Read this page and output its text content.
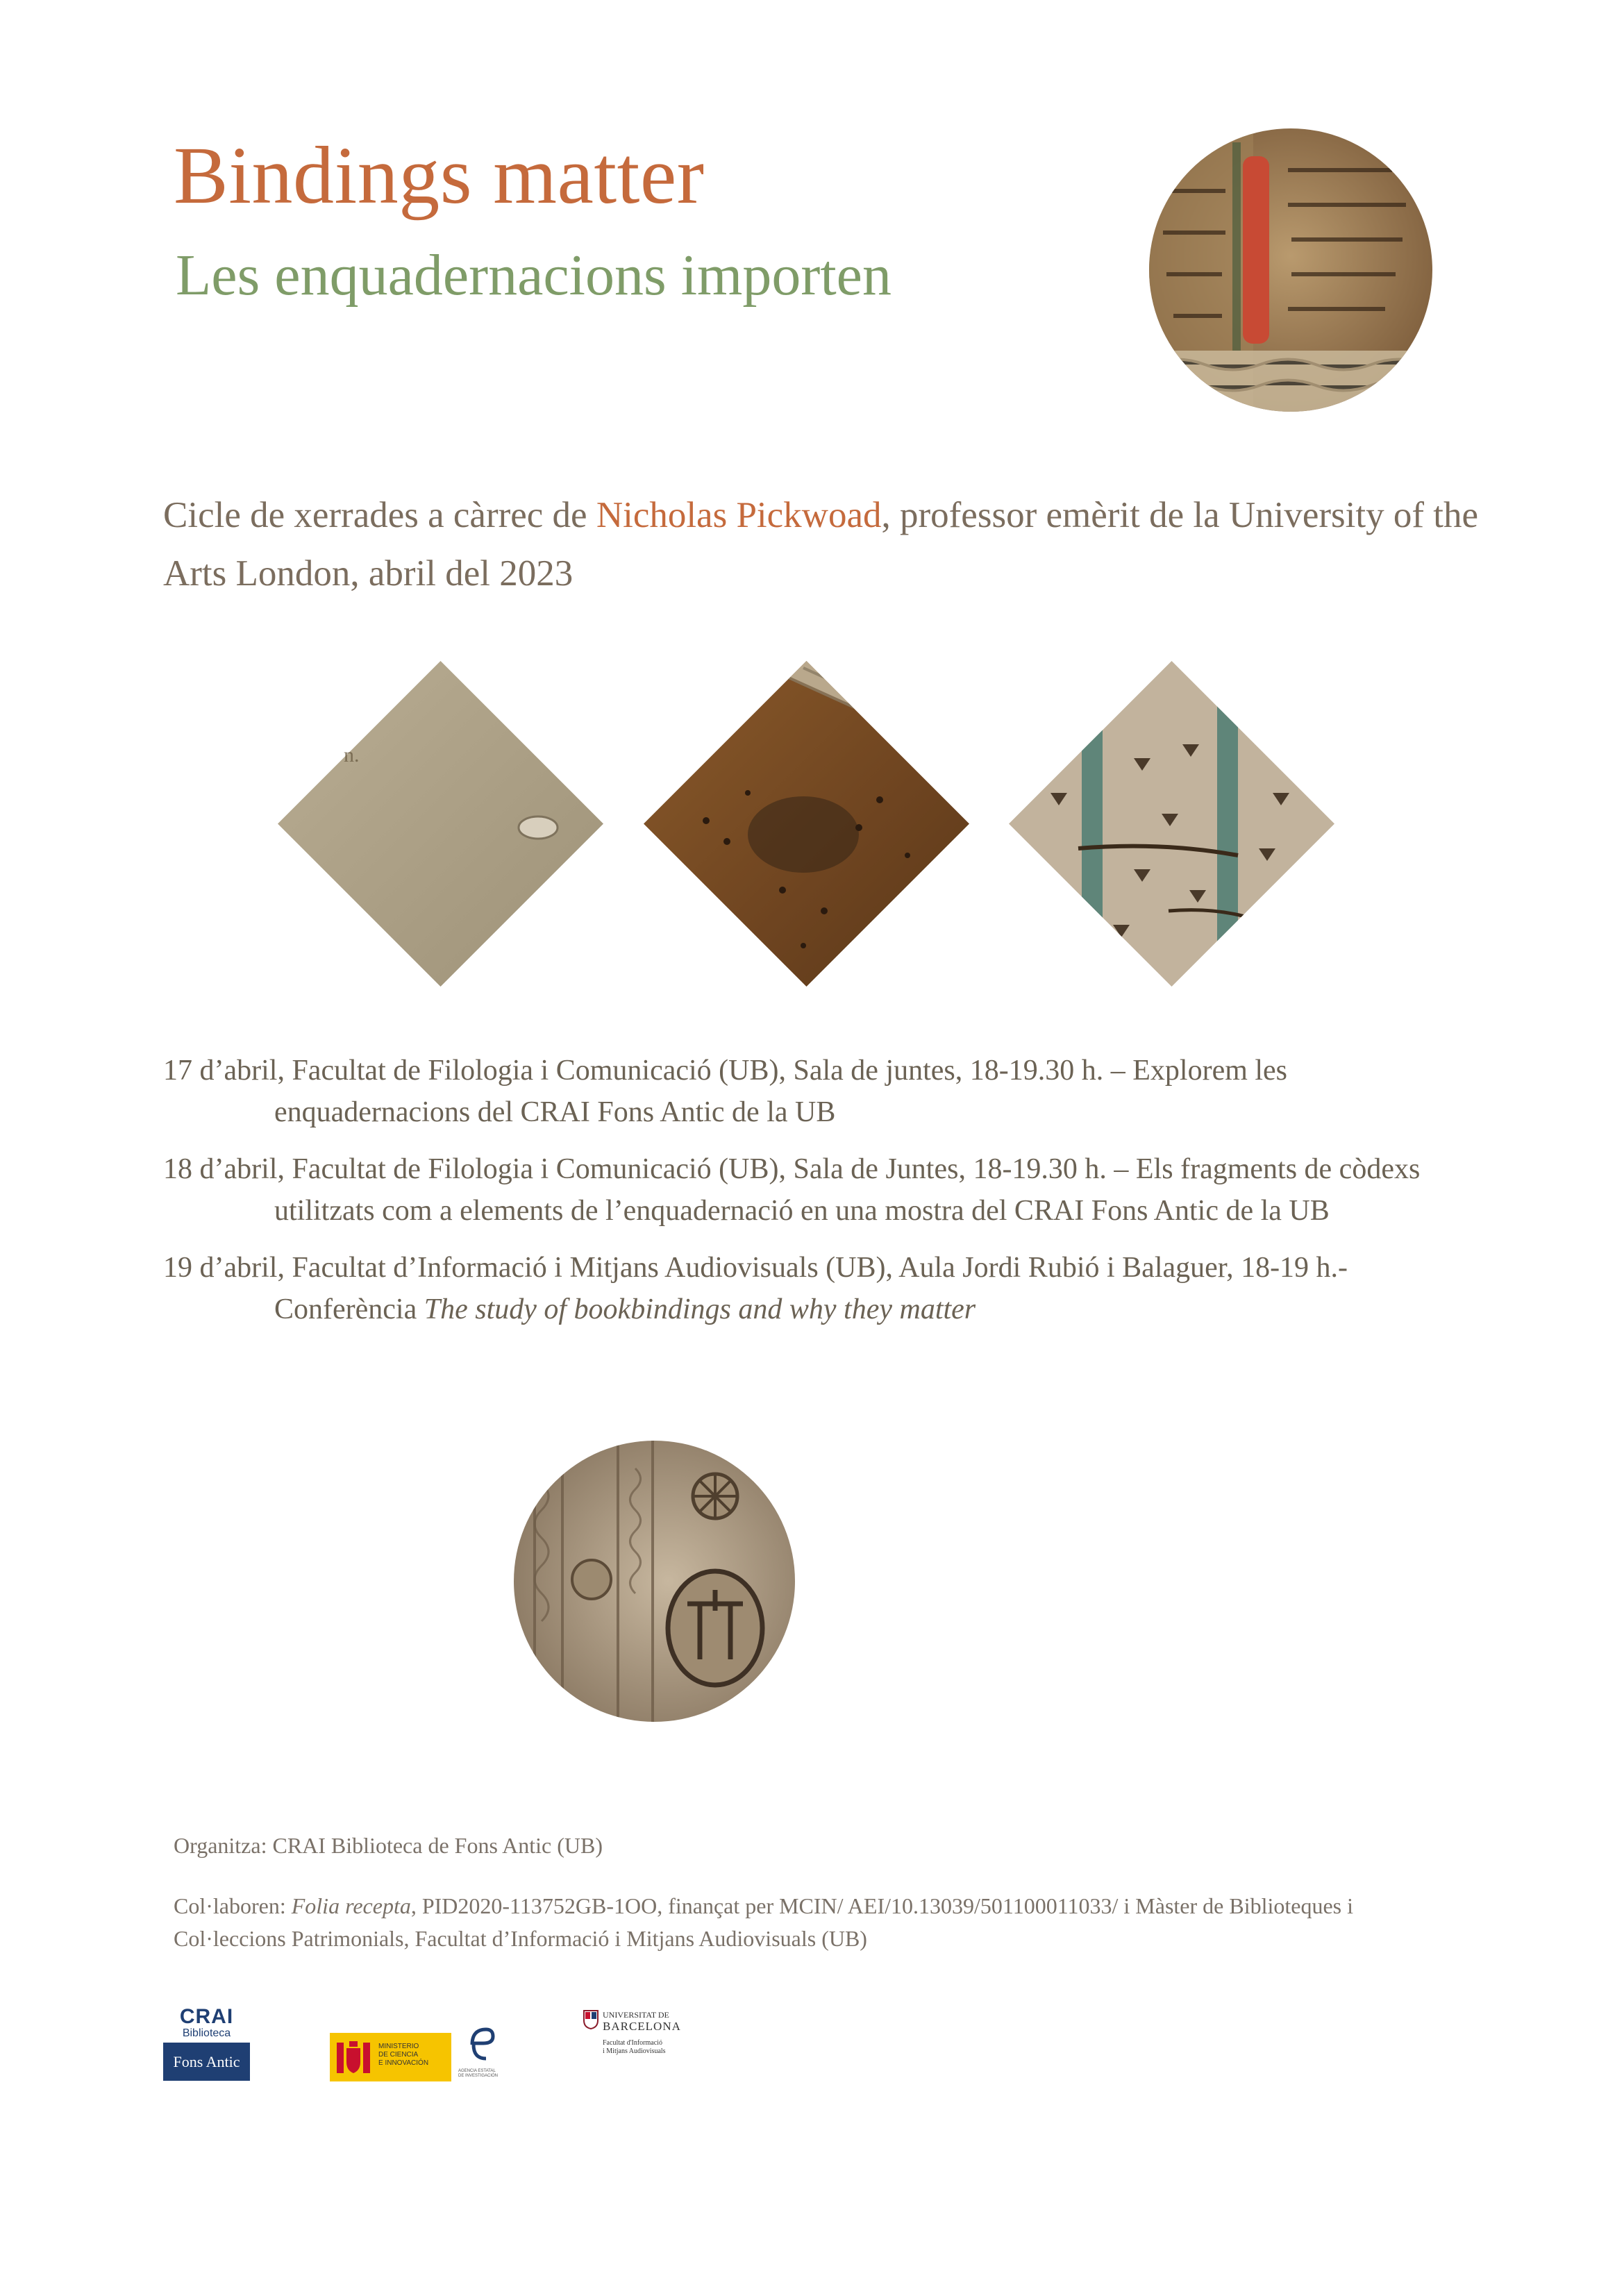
Bindings matter
Les enquadernacions importen
Cicle de xerrades a càrrec de Nicholas Pickwoad, professor emèrit de la University of the Arts London, abril del 2023
n.
17 d’abril, Facultat de Filologia i Comunicació (UB), Sala de juntes, 18-19.30 h. – Explorem les enquadernacions del CRAI Fons Antic de la UB
18 d’abril, Facultat de Filologia i Comunicació (UB), Sala de Juntes, 18-19.30 h. – Els fragments de còdexs utilitzats com a elements de l’enquadernació en una mostra del CRAI Fons Antic de la UB
19 d’abril, Facultat d’Informació i Mitjans Audiovisuals (UB), Aula Jordi Rubió i Balaguer, 18-19 h.- Conferència The study of bookbindings and why they matter

Organitza: CRAI Biblioteca de Fons Antic (UB)

Col·laboren: Folia recepta, PID2020-113752GB-1OO, finançat per MCIN/ AEI/10.13039/501100011033/ i Màster de Biblioteques i Col·leccions Patrimonials, Facultat d’Informació i Mitjans Audiovisuals (UB)

CRAI
Biblioteca
Fons Antic
MINISTERIO
DE CIENCIA
E INNOVACIÓN
AGENCIA ESTATAL DE INVESTIGACIÓN
UNIVERSITAT DE
BARCELONA
Facultat d'Informació
i Mitjans Audiovisuals
